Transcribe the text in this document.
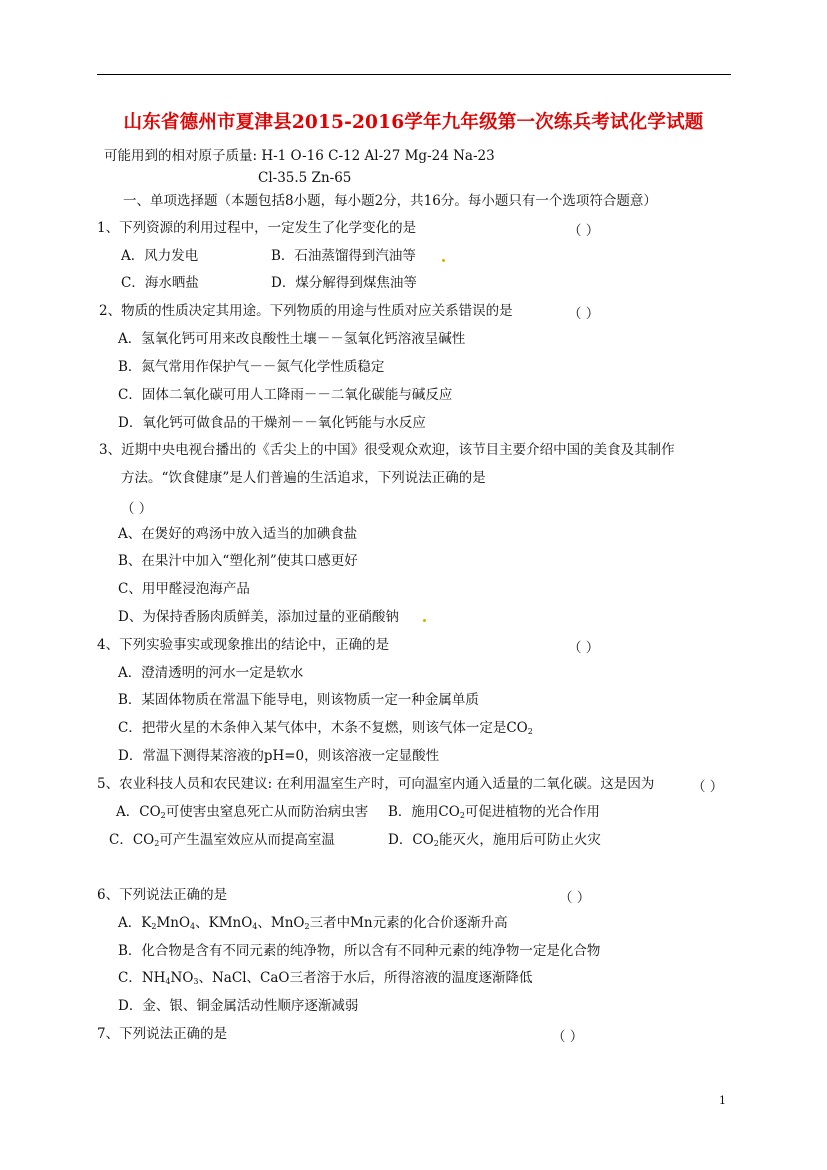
山东省德州市夏津县2015-2016学年九年级第一次练兵考试化学试题
可能用到的相对原子质量: H-1 O-16 C-12 Al-27 Mg-24 Na-23
Cl-35.5 Zn-65
一、单项选择题（本题包括8小题，每小题2分，共16分。每小题只有一个选项符合题意）
1、下列资源的利用过程中，一定发生了化学变化的是	（ ）
A．风力发电	B．石油蒸馏得到汽油等
C．海水晒盐	D．煤分解得到煤焦油等
2、物质的性质决定其用途。下列物质的用途与性质对应关系错误的是	（ ）
A．氢氧化钙可用来改良酸性土壤－－氢氧化钙溶液呈碱性
B．氮气常用作保护气－－氮气化学性质稳定
C．固体二氧化碳可用人工降雨－－二氧化碳能与碱反应
D．氧化钙可做食品的干燥剂－－氧化钙能与水反应
3、近期中央电视台播出的《舌尖上的中国》很受观众欢迎，该节目主要介绍中国的美食及其制作
方法。“饮食健康”是人们普遍的生活追求，下列说法正确的是
（ ）
A、在煲好的鸡汤中放入适当的加碘食盐
B、在果汁中加入“塑化剂”使其口感更好
C、用甲醛浸泡海产品
D、为保持香肠肉质鲜美，添加过量的亚硝酸钠
4、下列实验事实或现象推出的结论中，正确的是	（ ）
A．澄清透明的河水一定是软水
B．某固体物质在常温下能导电，则该物质一定一种金属单质
C．把带火星的木条伸入某气体中，木条不复燃，则该气体一定是$CO_2$
D．常温下测得某溶液的pH=0，则该溶液一定显酸性
5、农业科技人员和农民建议: 在利用温室生产时，可向温室内通入适量的二氧化碳。这是因为	（ ）
A．$CO_2$可使害虫窒息死亡从而防治病虫害 B．施用$CO_2$可促进植物的光合作用
C．$CO_2$可产生温室效应从而提高室温	D．$CO_2$能灭火，施用后可防止火灾
6、下列说法正确的是	（ ）
A．$K_2MnO_4$、KMnO$_4$、MnO$_2$三者中Mn元素的化合价逐渐升高
B．化合物是含有不同元素的纯净物，所以含有不同种元素的纯净物一定是化合物
C．$NH_4NO_3$、NaCl、CaO三者溶于水后，所得溶液的温度逐渐降低
D．金、银、铜金属活动性顺序逐渐减弱
7、下列说法正确的是	（ ）
1
